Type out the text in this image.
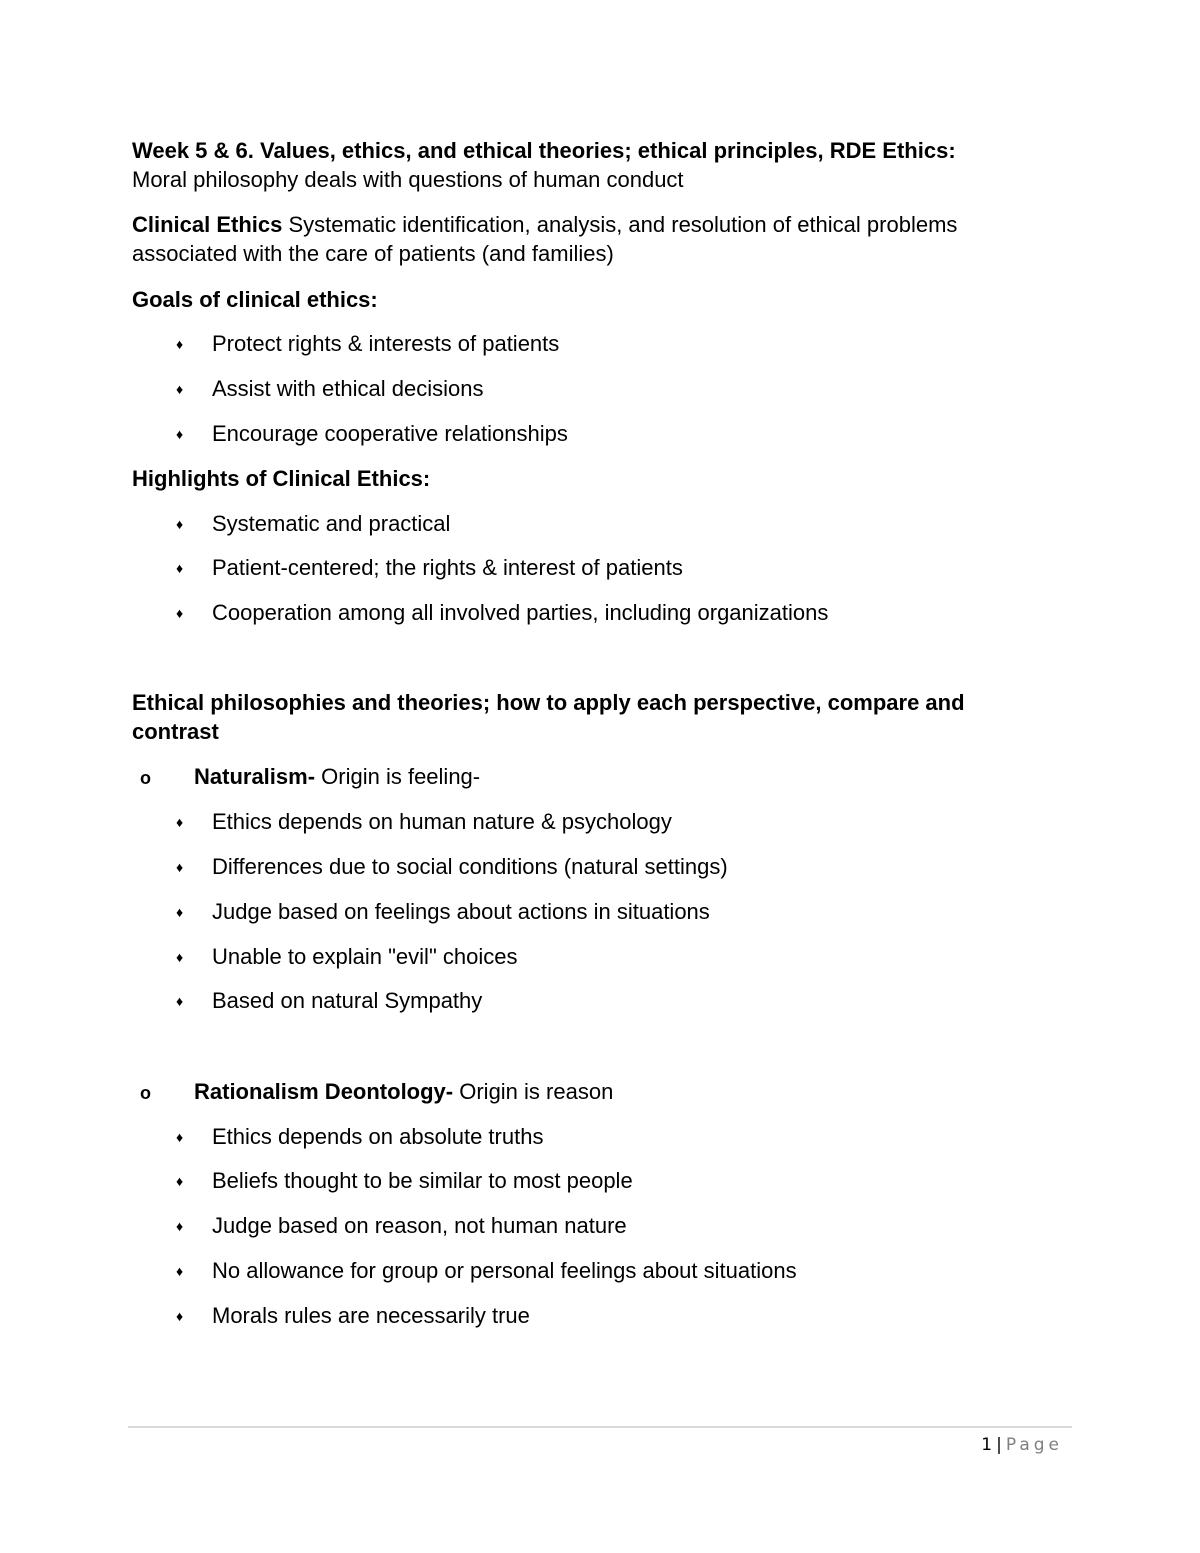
Week 5 & 6. Values, ethics, and ethical theories; ethical principles, RDE Ethics:
Moral philosophy deals with questions of human conduct
Clinical Ethics Systematic identification, analysis, and resolution of ethical problems associated with the care of patients (and families)
Goals of clinical ethics:
♦ Protect rights & interests of patients
♦ Assist with ethical decisions
♦ Encourage cooperative relationships
Highlights of Clinical Ethics:
♦ Systematic and practical
♦ Patient-centered; the rights & interest of patients
♦ Cooperation among all involved parties, including organizations
Ethical philosophies and theories; how to apply each perspective, compare and contrast
o Naturalism- Origin is feeling-
♦ Ethics depends on human nature & psychology
♦ Differences due to social conditions (natural settings)
♦ Judge based on feelings about actions in situations
♦ Unable to explain "evil" choices
♦ Based on natural Sympathy
o Rationalism Deontology- Origin is reason
♦ Ethics depends on absolute truths
♦ Beliefs thought to be similar to most people
♦ Judge based on reason, not human nature
♦ No allowance for group or personal feelings about situations
♦ Morals rules are necessarily true
1 | Page
